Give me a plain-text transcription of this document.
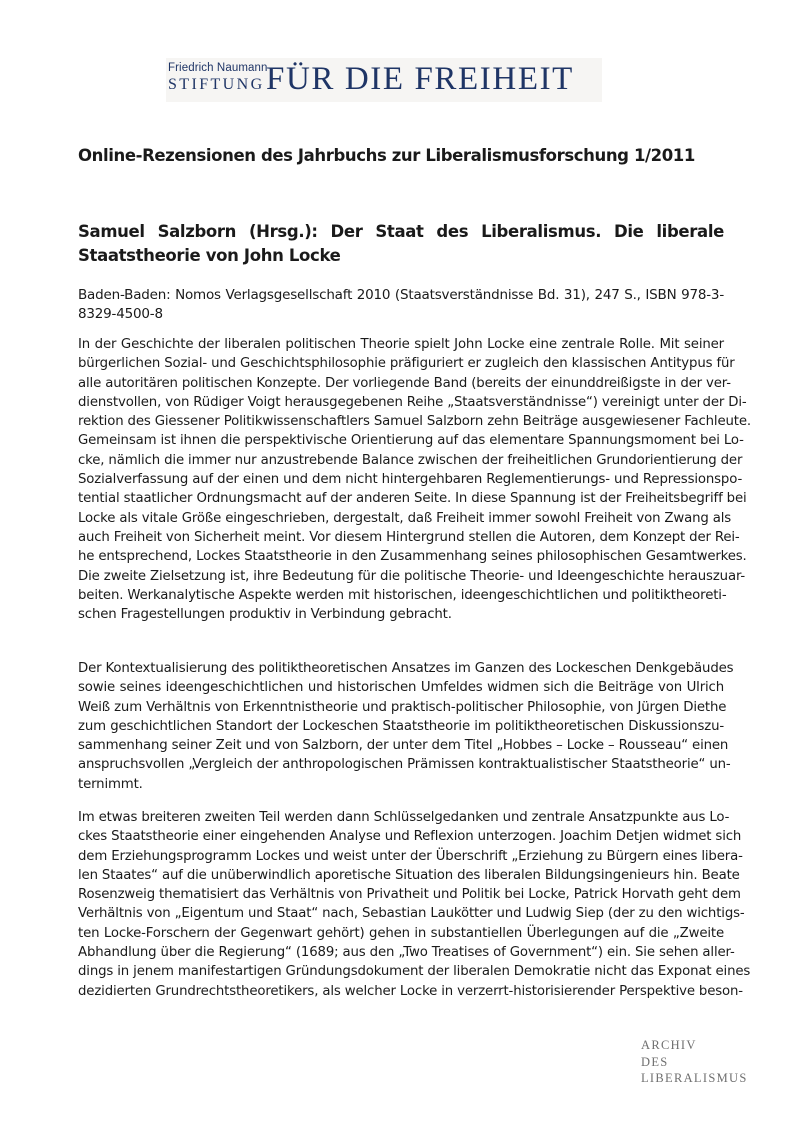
Friedrich Naumann
STIFTUNG FÜR DIE FREIHEIT
Online-Rezensionen des Jahrbuchs zur Liberalismusforschung 1/2011
Samuel Salzborn (Hrsg.): Der Staat des Liberalismus. Die liberale Staatstheorie von John Locke
Baden-Baden: Nomos Verlagsgesellschaft 2010 (Staatsverständnisse Bd. 31), 247 S., ISBN 978-3-8329-4500-8
In der Geschichte der liberalen politischen Theorie spielt John Locke eine zentrale Rolle. Mit seiner
bürgerlichen Sozial- und Geschichtsphilosophie präfiguriert er zugleich den klassischen Antitypus für
alle autoritären politischen Konzepte. Der vorliegende Band (bereits der einunddreißigste in der ver-
dienstvollen, von Rüdiger Voigt herausgegebenen Reihe „Staatsverständnisse“) vereinigt unter der Di-
rektion des Giessener Politikwissenschaftlers Samuel Salzborn zehn Beiträge ausgewiesener Fachleute.
Gemeinsam ist ihnen die perspektivische Orientierung auf das elementare Spannungsmoment bei Lo-
cke, nämlich die immer nur anzustrebende Balance zwischen der freiheitlichen Grundorientierung der
Sozialverfassung auf der einen und dem nicht hintergehbaren Reglementierungs- und Repressionspo-
tential staatlicher Ordnungsmacht auf der anderen Seite. In diese Spannung ist der Freiheitsbegriff bei
Locke als vitale Größe eingeschrieben, dergestalt, daß Freiheit immer sowohl Freiheit von Zwang als
auch Freiheit von Sicherheit meint. Vor diesem Hintergrund stellen die Autoren, dem Konzept der Rei-
he entsprechend, Lockes Staatstheorie in den Zusammenhang seines philosophischen Gesamtwerkes.
Die zweite Zielsetzung ist, ihre Bedeutung für die politische Theorie- und Ideengeschichte herauszuar-
beiten. Werkanalytische Aspekte werden mit historischen, ideengeschichtlichen und politiktheoreti-
schen Fragestellungen produktiv in Verbindung gebracht.
Der Kontextualisierung des politiktheoretischen Ansatzes im Ganzen des Lockeschen Denkgebäudes
sowie seines ideengeschichtlichen und historischen Umfeldes widmen sich die Beiträge von Ulrich
Weiß zum Verhältnis von Erkenntnistheorie und praktisch-politischer Philosophie, von Jürgen Diethe
zum geschichtlichen Standort der Lockeschen Staatstheorie im politiktheoretischen Diskussionszu-
sammenhang seiner Zeit und von Salzborn, der unter dem Titel „Hobbes – Locke – Rousseau“ einen
anspruchsvollen „Vergleich der anthropologischen Prämissen kontraktualistischer Staatstheorie“ un-
ternimmt.
Im etwas breiteren zweiten Teil werden dann Schlüsselgedanken und zentrale Ansatzpunkte aus Lo-
ckes Staatstheorie einer eingehenden Analyse und Reflexion unterzogen. Joachim Detjen widmet sich
dem Erziehungsprogramm Lockes und weist unter der Überschrift „Erziehung zu Bürgern eines libera-
len Staates“ auf die unüberwindlich aporetische Situation des liberalen Bildungsingenieurs hin. Beate
Rosenzweig thematisiert das Verhältnis von Privatheit und Politik bei Locke, Patrick Horvath geht dem
Verhältnis von „Eigentum und Staat“ nach, Sebastian Laukötter und Ludwig Siep (der zu den wichtigs-
ten Locke-Forschern der Gegenwart gehört) gehen in substantiellen Überlegungen auf die „Zweite
Abhandlung über die Regierung“ (1689; aus den „Two Treatises of Government“) ein. Sie sehen aller-
dings in jenem manifestartigen Gründungsdokument der liberalen Demokratie nicht das Exponat eines
dezidierten Grundrechtstheoretikers, als welcher Locke in verzerrt-historisierender Perspektive beson-
ARCHIV
DES
LIBERALISMUS
